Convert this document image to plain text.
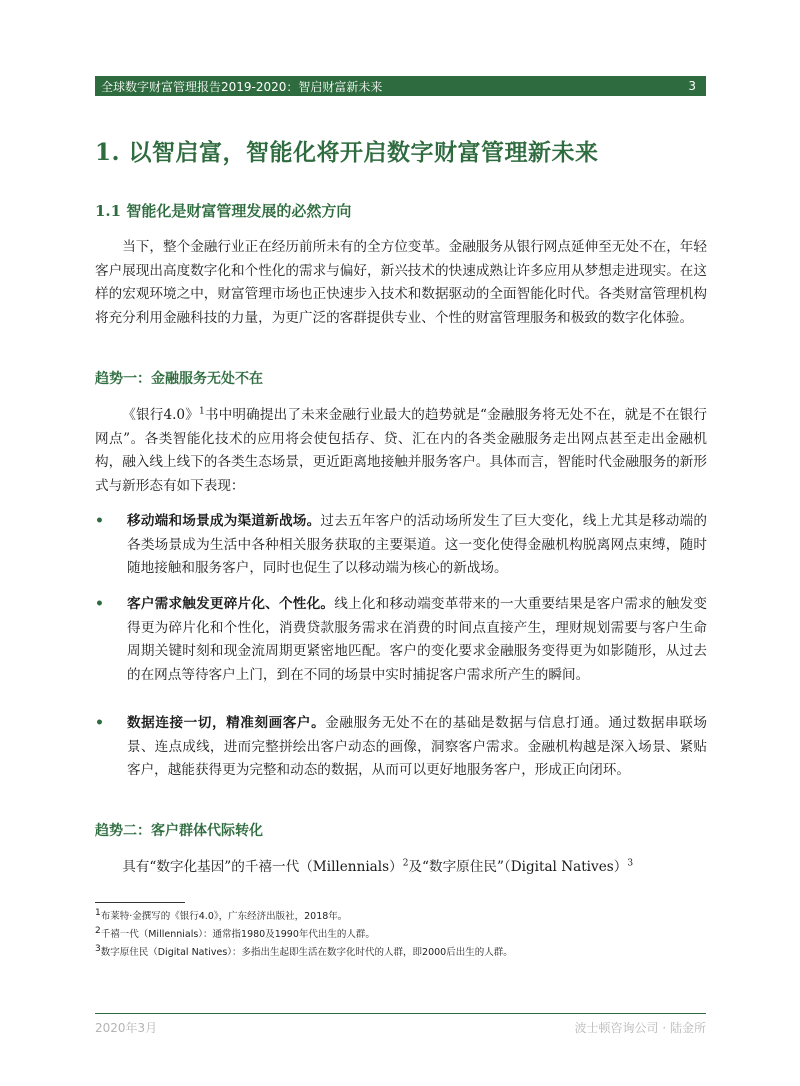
全球数字财富管理报告2019-2020：智启财富新未来	3
1. 以智启富，智能化将开启数字财富管理新未来
1.1 智能化是财富管理发展的必然方向

当下，整个金融行业正在经历前所未有的全方位变革。金融服务从银行网点延伸至无处不在，年轻客户展现出高度数字化和个性化的需求与偏好，新兴技术的快速成熟让许多应用从梦想走进现实。在这样的宏观环境之中，财富管理市场也正快速步入技术和数据驱动的全面智能化时代。各类财富管理机构将充分利用金融科技的力量，为更广泛的客群提供专业、个性的财富管理服务和极致的数字化体验。

趋势一：金融服务无处不在

《银行4.0》$^1$书中明确提出了未来金融行业最大的趋势就是“金融服务将无处不在，就是不在银行网点”。各类智能化技术的应用将会使包括存、贷、汇在内的各类金融服务走出网点甚至走出金融机构，融入线上线下的各类生态场景，更近距离地接触并服务客户。具体而言，智能时代金融服务的新形式与新形态有如下表现：

•	移动端和场景成为渠道新战场。过去五年客户的活动场所发生了巨大变化，线上尤其是移动端的各类场景成为生活中各种相关服务获取的主要渠道。这一变化使得金融机构脱离网点束缚，随时随地接触和服务客户，同时也促生了以移动端为核心的新战场。
•	客户需求触发更碎片化、个性化。线上化和移动端变革带来的一大重要结果是客户需求的触发变得更为碎片化和个性化，消费贷款服务需求在消费的时间点直接产生，理财规划需要与客户生命周期关键时刻和现金流周期更紧密地匹配。客户的变化要求金融服务变得更为如影随形，从过去的在网点等待客户上门，到在不同的场景中实时捕捉客户需求所产生的瞬间。
•	数据连接一切，精准刻画客户。金融服务无处不在的基础是数据与信息打通。通过数据串联场景、连点成线，进而完整拼绘出客户动态的画像，洞察客户需求。金融机构越是深入场景、紧贴客户，越能获得更为完整和动态的数据，从而可以更好地服务客户，形成正向闭环。
趋势二：客户群体代际转化

具有“数字化基因”的千禧一代（Millennials）$^2$及“数字原住民”（Digital Natives）$^3$

$^1$布莱特·金撰写的《银行4.0》，广东经济出版社，2018年。
$^2$千禧一代（Millennials）：通常指1980及1990年代出生的人群。
$^3$数字原住民（Digital Natives）：多指出生起即生活在数字化时代的人群，即2000后出生的人群。
2020年3月	波士顿咨询公司 · 陆金所
